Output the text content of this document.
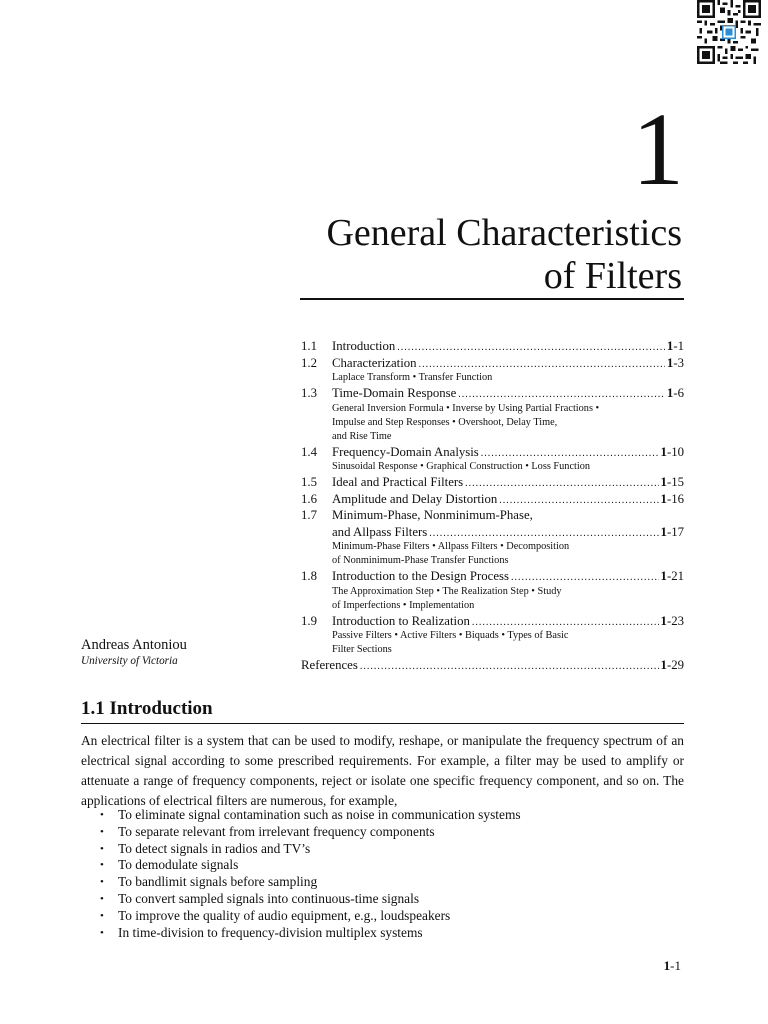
1
General Characteristics
of Filters
1.1	Introduction .....	1-1
1.2	Characterization .....	1-3
Laplace Transform • Transfer Function
1.3	Time-Domain Response .....	1-6
General Inversion Formula • Inverse by Using Partial Fractions •
Impulse and Step Responses • Overshoot, Delay Time,
and Rise Time
1.4	Frequency-Domain Analysis .....	1-10
Sinusoidal Response • Graphical Construction • Loss Function
1.5	Ideal and Practical Filters .....	1-15
1.6	Amplitude and Delay Distortion .....	1-16
1.7	Minimum-Phase, Nonminimum-Phase,
and Allpass Filters .....	1-17
Minimum-Phase Filters • Allpass Filters • Decomposition
of Nonminimum-Phase Transfer Functions
1.8	Introduction to the Design Process .....	1-21
The Approximation Step • The Realization Step • Study
of Imperfections • Implementation
1.9	Introduction to Realization .....	1-23
Passive Filters • Active Filters • Biquads • Types of Basic
Filter Sections
References .....	1-29
Andreas Antoniou
University of Victoria
1.1 Introduction
An electrical filter is a system that can be used to modify, reshape, or manipulate the frequency spectrum of an electrical signal according to some prescribed requirements. For example, a filter may be used to amplify or attenuate a range of frequency components, reject or isolate one specific frequency component, and so on. The applications of electrical filters are numerous, for example,
• To eliminate signal contamination such as noise in communication systems
• To separate relevant from irrelevant frequency components
• To detect signals in radios and TV’s
• To demodulate signals
• To bandlimit signals before sampling
• To convert sampled signals into continuous-time signals
• To improve the quality of audio equipment, e.g., loudspeakers
• In time-division to frequency-division multiplex systems
1-1
